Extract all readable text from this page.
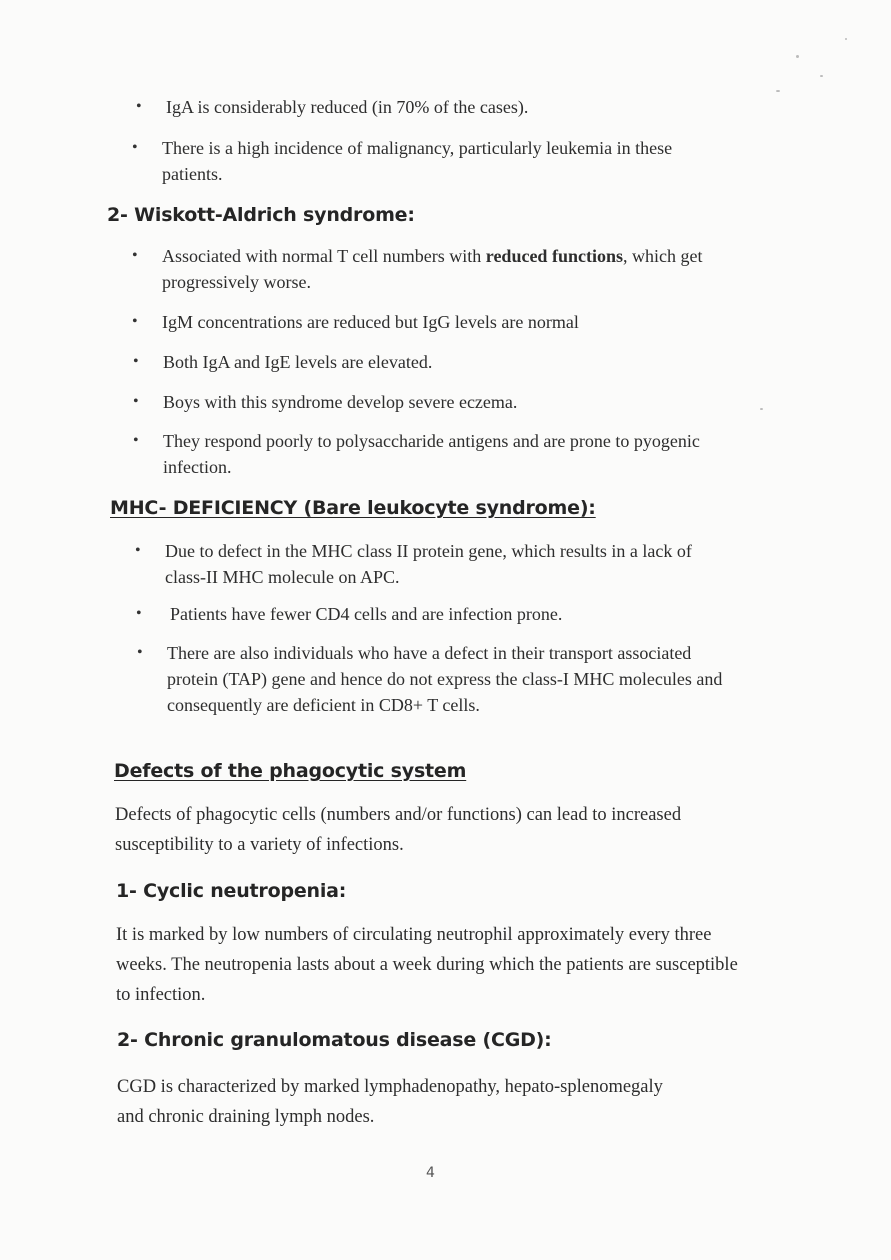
• IgA is considerably reduced (in 70% of the cases).
• There is a high incidence of malignancy, particularly leukemia in these patients.
2- Wiskott-Aldrich syndrome:
• Associated with normal T cell numbers with reduced functions, which get progressively worse.
• IgM concentrations are reduced but IgG levels are normal
• Both IgA and IgE levels are elevated.
• Boys with this syndrome develop severe eczema.
• They respond poorly to polysaccharide antigens and are prone to pyogenic infection.
MHC- DEFICIENCY (Bare leukocyte syndrome):
• Due to defect in the MHC class II protein gene, which results in a lack of class-II MHC molecule on APC.
• Patients have fewer CD4 cells and are infection prone.
• There are also individuals who have a defect in their transport associated protein (TAP) gene and hence do not express the class-I MHC molecules and consequently are deficient in CD8+ T cells.
Defects of the phagocytic system
Defects of phagocytic cells (numbers and/or functions) can lead to increased susceptibility to a variety of infections.
1- Cyclic neutropenia:
It is marked by low numbers of circulating neutrophil approximately every three weeks. The neutropenia lasts about a week during which the patients are susceptible to infection.
2- Chronic granulomatous disease (CGD):
CGD is characterized by marked lymphadenopathy, hepato-splenomegaly and chronic draining lymph nodes.
4
